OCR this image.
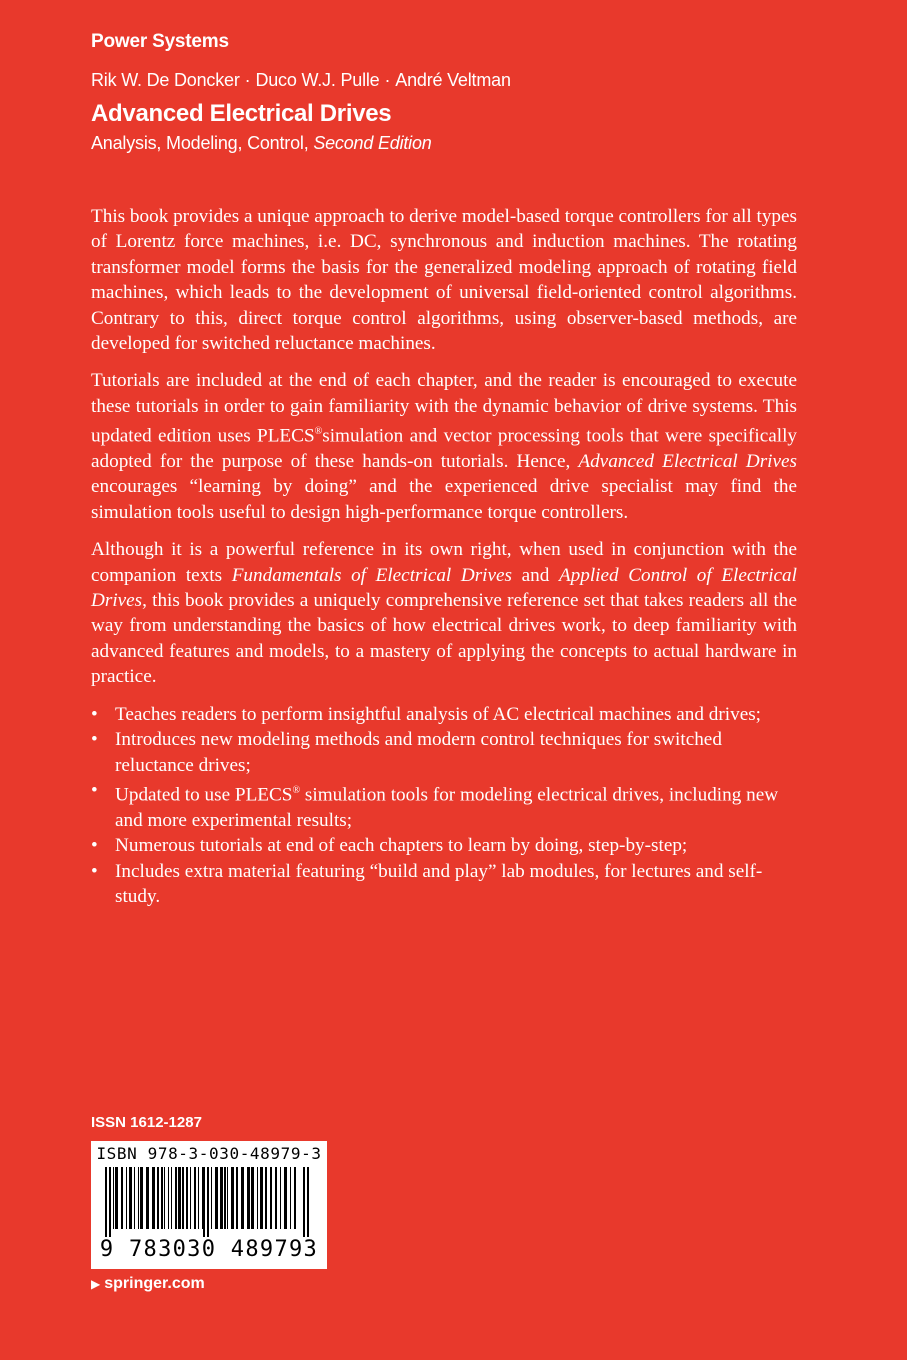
Power Systems
Rik W. De Doncker · Duco W.J. Pulle · André Veltman
Advanced Electrical Drives
Analysis, Modeling, Control, Second Edition

This book provides a unique approach to derive model-based torque controllers for all types of Lorentz force machines, i.e. DC, synchronous and induction machines. The rotating transformer model forms the basis for the generalized modeling approach of rotating field machines, which leads to the development of universal field-oriented control algorithms. Contrary to this, direct torque control algorithms, using observer-based methods, are developed for switched reluctance machines.

Tutorials are included at the end of each chapter, and the reader is encouraged to execute these tutorials in order to gain familiarity with the dynamic behavior of drive systems. This updated edition uses PLECS®simulation and vector processing tools that were specifically adopted for the purpose of these hands-on tutorials. Hence, Advanced Electrical Drives encourages “learning by doing” and the experienced drive specialist may find the simulation tools useful to design high-performance torque controllers.

Although it is a powerful reference in its own right, when used in conjunction with the companion texts Fundamentals of Electrical Drives and Applied Control of Electrical Drives, this book provides a uniquely comprehensive reference set that takes readers all the way from understanding the basics of how electrical drives work, to deep familiarity with advanced features and models, to a mastery of applying the concepts to actual hardware in practice.

• Teaches readers to perform insightful analysis of AC electrical machines and drives;
• Introduces new modeling methods and modern control techniques for switched reluctance drives;
• Updated to use PLECS® simulation tools for modeling electrical drives, including new and more experimental results;
• Numerous tutorials at end of each chapters to learn by doing, step-by-step;
• Includes extra material featuring “build and play” lab modules, for lectures and self-study.
ISSN 1612-1287
ISBN 978-3-030-48979-3
9 783030 489793
▶ springer.com
